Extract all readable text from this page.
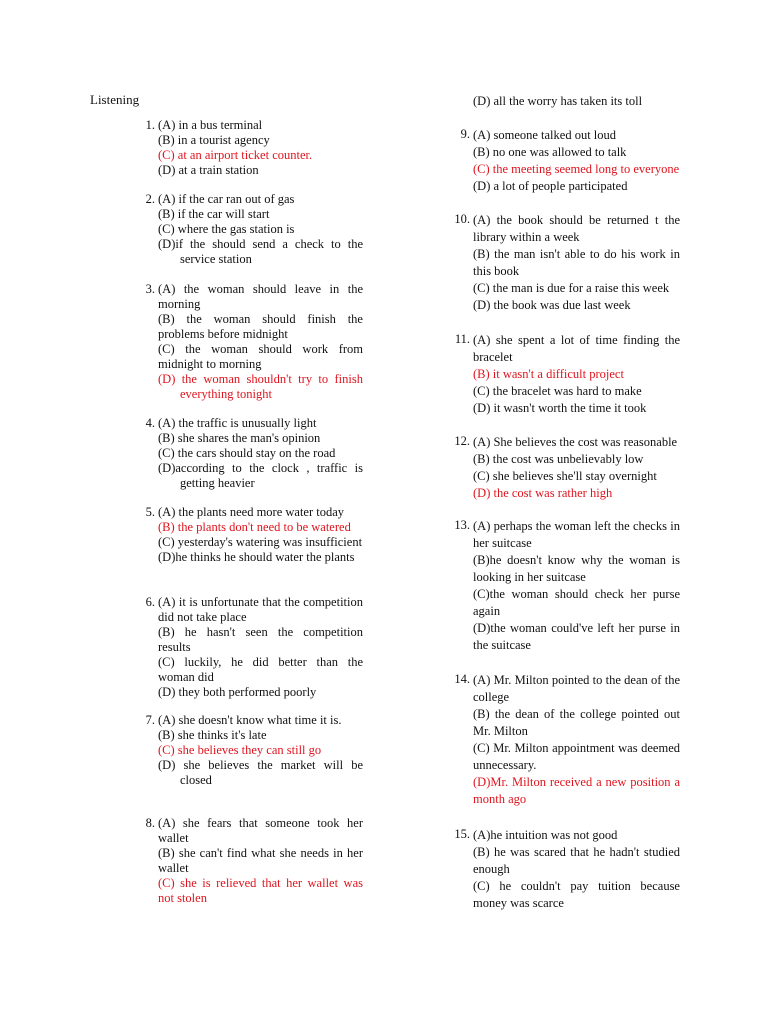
Listening
1. (A) in a bus terminal
(B) in a tourist agency
(C) at an airport ticket counter.
(D) at a train station
2. (A) if the car ran out of gas
(B) if the car will start
(C) where the gas station is
(D)if the should send a check to the service station
3. (A) the woman should leave in the morning
(B) the woman should finish the problems before midnight
(C) the woman should work from midnight to morning
(D) the woman shouldn't try to finish everything tonight
4. (A) the traffic is unusually light
(B) she shares the man's opinion
(C) the cars should stay on the road
(D)according to the clock , traffic is getting heavier
5. (A) the plants need more water today
(B) the plants don't need to be watered
(C) yesterday's watering was insufficient
(D)he thinks he should water the plants
6. (A) it is unfortunate that the competition did not take place
(B) he hasn't seen the competition results
(C) luckily, he did better than the woman did
(D) they both performed poorly
7. (A) she doesn't know what time it is.
(B) she thinks it's late
(C) she believes they can still go
(D) she believes the market will be closed
8. (A) she fears that someone took her wallet
(B) she can't find what she needs in her wallet
(C) she is relieved that her wallet was not stolen
(D) all the worry has taken its toll
9. (A) someone talked out loud
(B) no one was allowed to talk
(C) the meeting seemed long to everyone
(D) a lot of people participated
10. (A) the book should be returned t the library within a week
(B) the man isn't able to do his work in this book
(C) the man is due for a raise this week
(D) the book was due last week
11. (A) she spent a lot of time finding the bracelet
(B) it wasn't a difficult project
(C) the bracelet was hard to make
(D) it wasn't worth the time it took
12. (A) She believes the cost was reasonable
(B) the cost was unbelievably low
(C) she believes she'll stay overnight
(D) the cost was rather high
13. (A) perhaps the woman left the checks in her suitcase
(B)he doesn't know why the woman is looking in her suitcase
(C)the woman should check her purse again
(D)the woman could've left her purse in the suitcase
14. (A) Mr. Milton pointed to the dean of the college
(B) the dean of the college pointed out Mr. Milton
(C) Mr. Milton appointment was deemed unnecessary.
(D)Mr. Milton received a new position a month ago
15. (A)he intuition was not good
(B) he was scared that he hadn't studied enough
(C) he couldn't pay tuition because money was scarce
